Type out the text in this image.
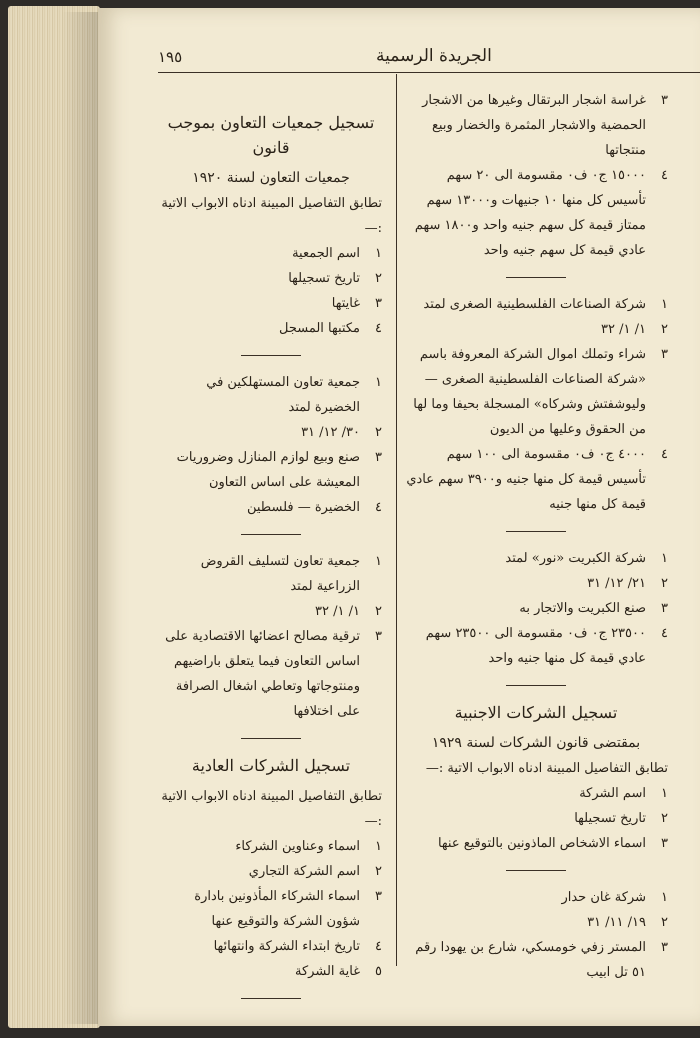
١٩٥	الجريدة الرسمية
٣
غراسة اشجار البرتقال وغيرها من الاشجار الحمضية والاشجار المثمرة والخضار وبيع منتجاتها
٤
١٥٠٠٠ ج٠ ف٠ مقسومة الى ٢٠ سهم تأسيس كل منها ١٠ جنيهات و١٣٠٠٠ سهم ممتاز قيمة كل سهم جنيه واحد و١٨٠٠ سهم عادي قيمة كل سهم جنيه واحد
١
شركة الصناعات الفلسطينية الصغرى لمتد
٢
١/ ١/ ٣٢
٣
شراء وتملك اموال الشركة المعروفة باسم «شركة الصناعات الفلسطينية الصغرى — وليوشفتش وشركاه» المسجلة بحيفا وما لها من الحقوق وعليها من الديون
٤
٤٠٠٠ ج٠ ف٠ مقسومة الى ١٠٠ سهم تأسيس قيمة كل منها جنيه و٣٩٠٠ سهم عادي قيمة كل منها جنيه
١
شركة الكبريت «نور» لمتد
٢
٢١/ ١٢/ ٣١
٣
صنع الكبريت والاتجار به
٤
٢٣٥٠٠ ج٠ ف٠ مقسومة الى ٢٣٥٠٠ سهم عادي قيمة كل منها جنيه واحد
تسجيل الشركات الاجنبية
بمقتضى قانون الشركات لسنة ١٩٢٩
تطابق التفاصيل المبينة ادناه الابواب الاتية :—
١
اسم الشركة
٢
تاريخ تسجيلها
٣
اسماء الاشخاص الماذونين بالتوقيع عنها
١
شركة غان حدار
٢
١٩/ ١١/ ٣١
٣
المستر زفي خومسكي، شارع بن يهودا رقم ٥١ تل ابيب
تسجيل جمعيات التعاون بموجب قانون
جمعيات التعاون لسنة ١٩٢٠
تطابق التفاصيل المبينة ادناه الابواب الاتية :—
١
اسم الجمعية
٢
تاريخ تسجيلها
٣
غايتها
٤
مكتبها المسجل
١
جمعية تعاون المستهلكين في الخضيرة لمتد
٢
٣٠/ ١٢/ ٣١
٣
صنع وبيع لوازم المنازل وضروريات المعيشة على اساس التعاون
٤
الخضيرة — فلسطين
١
جمعية تعاون لتسليف القروض الزراعية لمتد
٢
١/ ١/ ٣٢
٣
ترقية مصالح اعضائها الاقتصادية على اساس التعاون فيما يتعلق باراضيهم ومنتوجاتها وتعاطي اشغال الصرافة على اختلافها
تسجيل الشركات العادية
تطابق التفاصيل المبينة ادناه الابواب الاتية :—
١
اسماء وعناوين الشركاء
٢
اسم الشركة التجاري
٣
اسماء الشركاء المأذونين بادارة شؤون الشركة والتوقيع عنها
٤
تاريخ ابتداء الشركة وانتهائها
٥
غاية الشركة
